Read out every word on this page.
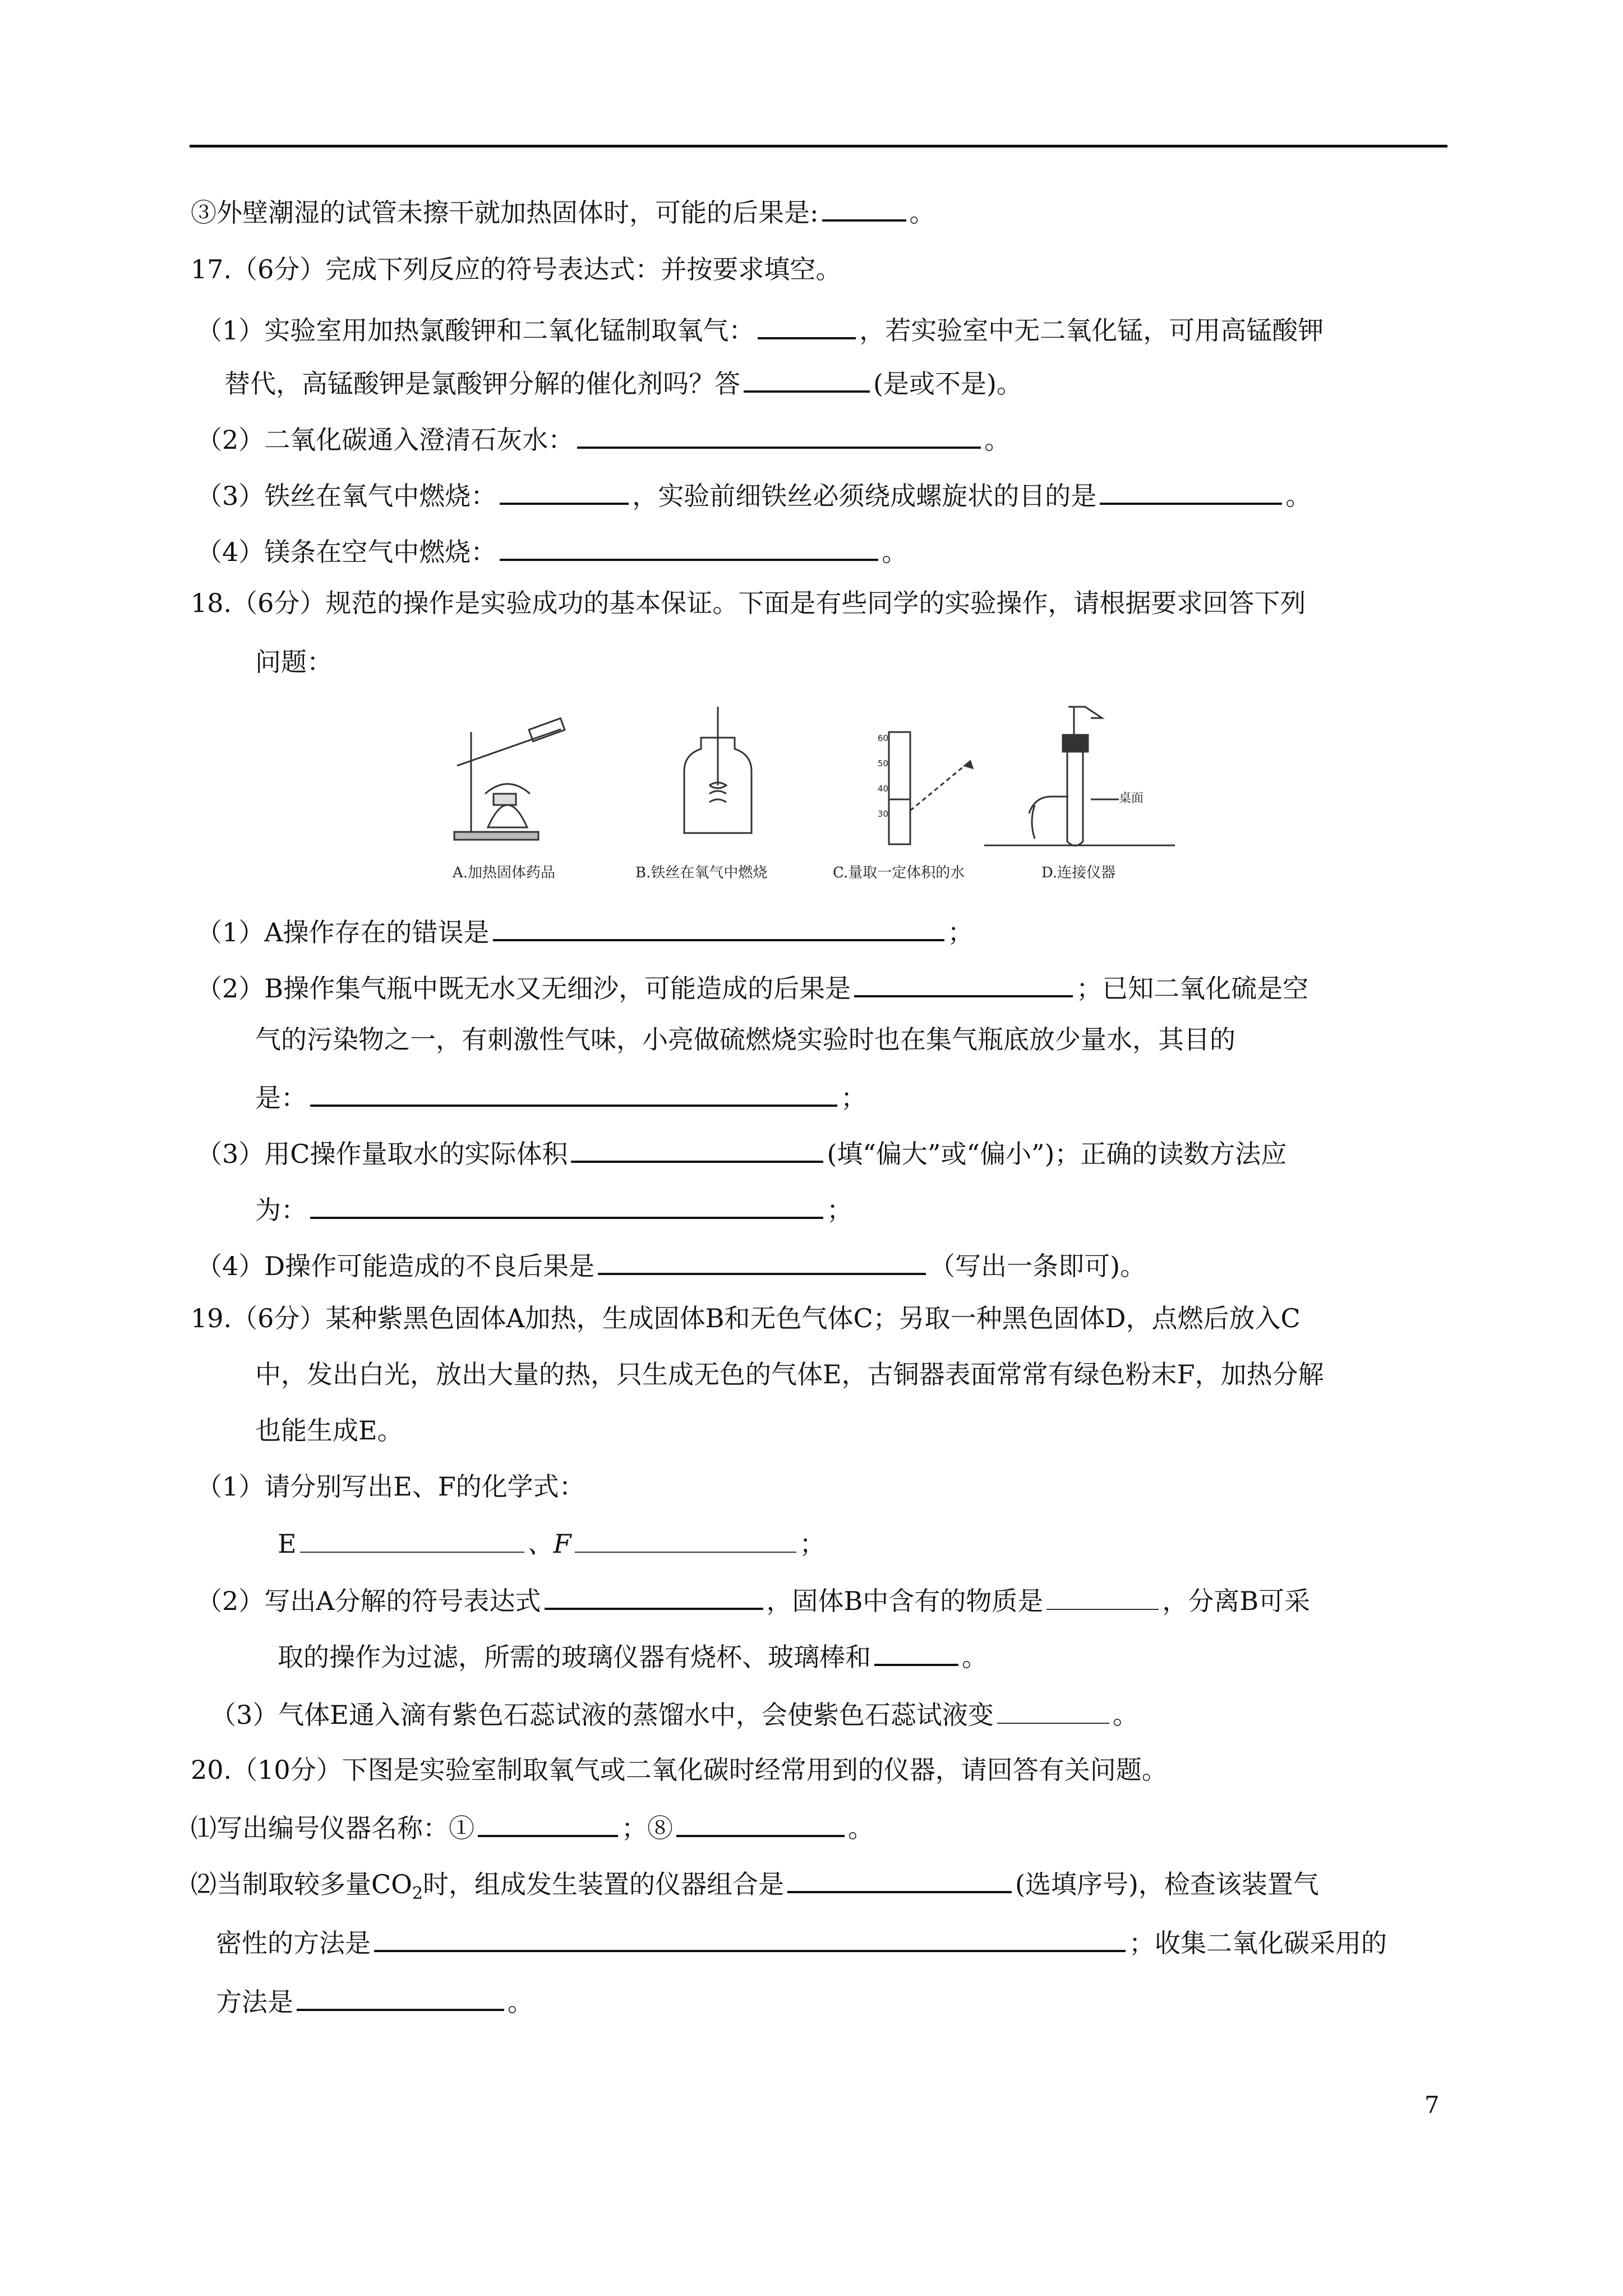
③外壁潮湿的试管未擦干就加热固体时，可能的后果是:	。
17.（6分）完成下列反应的符号表达式：并按要求填空。
（1）实验室用加热氯酸钾和二氧化锰制取氧气：	，若实验室中无二氧化锰，可用高锰酸钾
替代，高锰酸钾是氯酸钾分解的催化剂吗？答	(是或不是)。
（2）二氧化碳通入澄清石灰水：	。
（3）铁丝在氧气中燃烧：	，实验前细铁丝必须绕成螺旋状的目的是	。
（4）镁条在空气中燃烧：	。
18.（6分）规范的操作是实验成功的基本保证。下面是有些同学的实验操作，请根据要求回答下列
问题：
60
50
40
30
桌面
A.加热固体药品	B.铁丝在氧气中燃烧	C.量取一定体积的水	D.连接仪器
（1）A操作存在的错误是	；
（2）B操作集气瓶中既无水又无细沙，可能造成的后果是	；已知二氧化硫是空
气的污染物之一，有刺激性气味，小亮做硫燃烧实验时也在集气瓶底放少量水，其目的
是：	；
（3）用C操作量取水的实际体积	(填“偏大”或“偏小”)；正确的读数方法应
为：	；
（4）D操作可能造成的不良后果是	（写出一条即可)。
19.（6分）某种紫黑色固体A加热，生成固体B和无色气体C；另取一种黑色固体D，点燃后放入C
中，发出白光，放出大量的热，只生成无色的气体E，古铜器表面常常有绿色粉末F，加热分解
也能生成E。
（1）请分别写出E、F的化学式：
E	、F	；
（2）写出A分解的符号表达式	，固体B中含有的物质是	，分离B可采
取的操作为过滤，所需的玻璃仪器有烧杯、玻璃棒和	。
（3）气体E通入滴有紫色石蕊试液的蒸馏水中，会使紫色石蕊试液变	。
20.（10分）下图是实验室制取氧气或二氧化碳时经常用到的仪器，请回答有关问题。
⑴写出编号仪器名称：①	；⑧	。
⑵当制取较多量$CO_2$时，组成发生装置的仪器组合是	(选填序号)，检查该装置气
密性的方法是	；收集二氧化碳采用的
方法是	。
7
